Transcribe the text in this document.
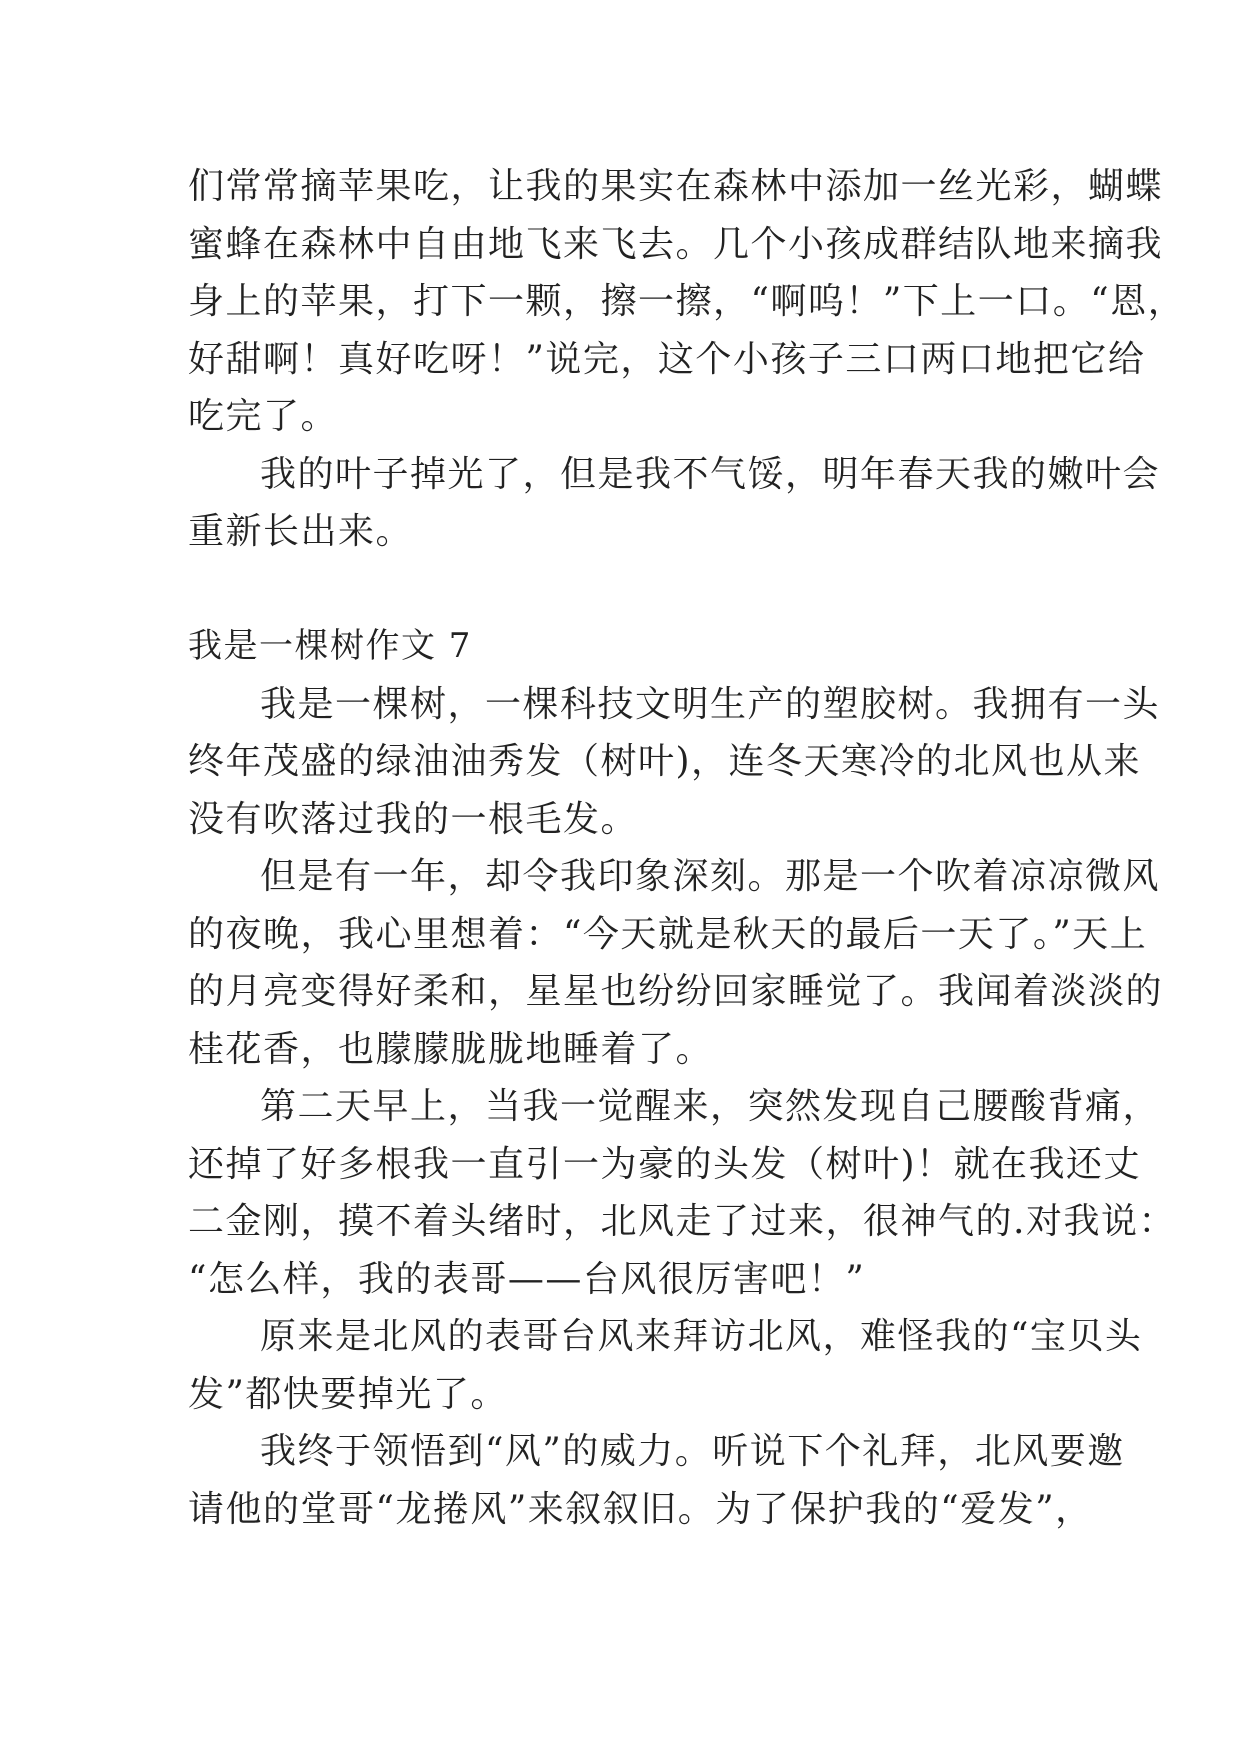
们常常摘苹果吃，让我的果实在森林中添加一丝光彩，蝴蝶

蜜蜂在森林中自由地飞来飞去。几个小孩成群结队地来摘我

身上的苹果，打下一颗，擦一擦，“啊呜！”下上一口。“恩，

好甜啊！真好吃呀！”说完，这个小孩子三口两口地把它给

吃完了。

我的叶子掉光了，但是我不气馁，明年春天我的嫩叶会

重新长出来。

我是一棵树作文 7

我是一棵树，一棵科技文明生产的塑胶树。我拥有一头

终年茂盛的绿油油秀发（树叶)，连冬天寒冷的北风也从来

没有吹落过我的一根毛发。

但是有一年，却令我印象深刻。那是一个吹着凉凉微风

的夜晚，我心里想着：“今天就是秋天的最后一天了。”天上

的月亮变得好柔和，星星也纷纷回家睡觉了。我闻着淡淡的

桂花香，也朦朦胧胧地睡着了。

第二天早上，当我一觉醒来，突然发现自己腰酸背痛，

还掉了好多根我一直引一为豪的头发（树叶)！就在我还丈

二金刚，摸不着头绪时，北风走了过来，很神气的.对我说：

“怎么样，我的表哥——台风很厉害吧！”

原来是北风的表哥台风来拜访北风，难怪我的“宝贝头

发”都快要掉光了。

我终于领悟到“风”的威力。听说下个礼拜，北风要邀

请他的堂哥“龙捲风”来叙叙旧。为了保护我的“爱发”，
